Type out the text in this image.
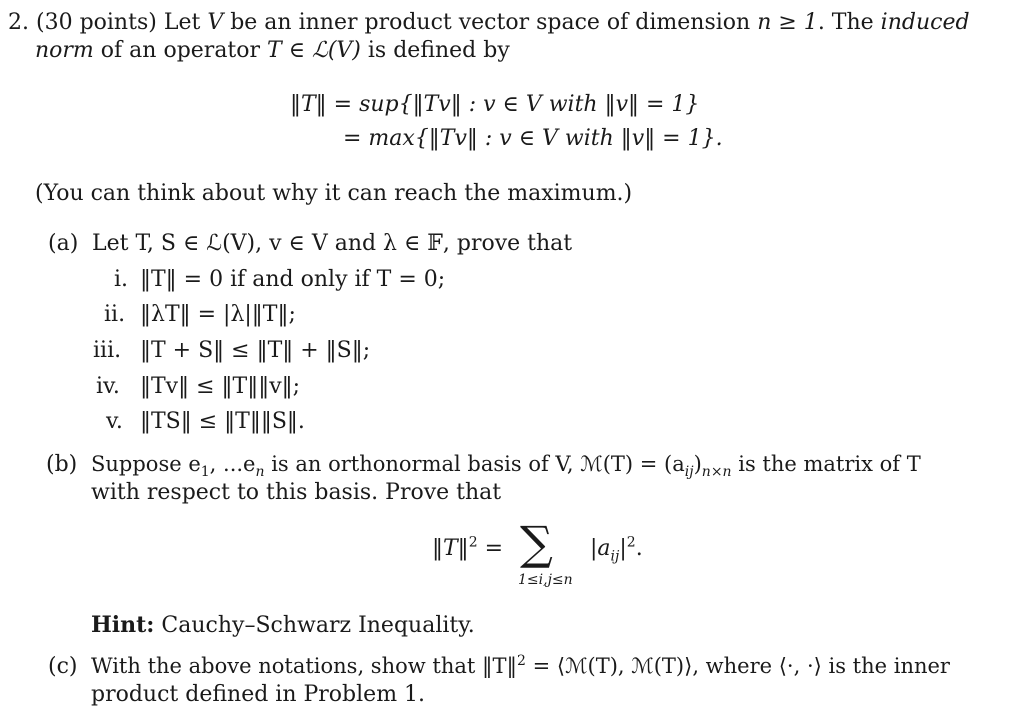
2. (30 points) Let V be an inner product vector space of dimension n ≥ 1. The induced
norm of an operator T ∈ ℒ(V) is defined by
‖T‖ = sup{‖Tv‖ : v ∈ V with ‖v‖ = 1}
= max{‖Tv‖ : v ∈ V with ‖v‖ = 1}.
(You can think about why it can reach the maximum.)
(a) Let T, S ∈ ℒ(V), v ∈ V and λ ∈ 𝔽, prove that
i. ‖T‖ = 0 if and only if T = 0;
ii. ‖λT‖ = |λ|‖T‖;
iii. ‖T + S‖ ≤ ‖T‖ + ‖S‖;
iv. ‖Tv‖ ≤ ‖T‖‖v‖;
v. ‖TS‖ ≤ ‖T‖‖S‖.
(b) Suppose $e_1$, $...e_n$ is an orthonormal basis of V, ℳ(T) = $(a_{ij})_{n\times n}$ is the matrix of T
with respect to this basis. Prove that
‖T‖$^2$ = ∑
1≤i,j≤n
$|a_{ij}|^2$.
Hint: Cauchy–Schwarz Inequality.
(c) With the above notations, show that ‖T‖$^2$ = ⟨ℳ(T), ℳ(T)⟩, where ⟨·, ·⟩ is the inner
product defined in Problem 1.
